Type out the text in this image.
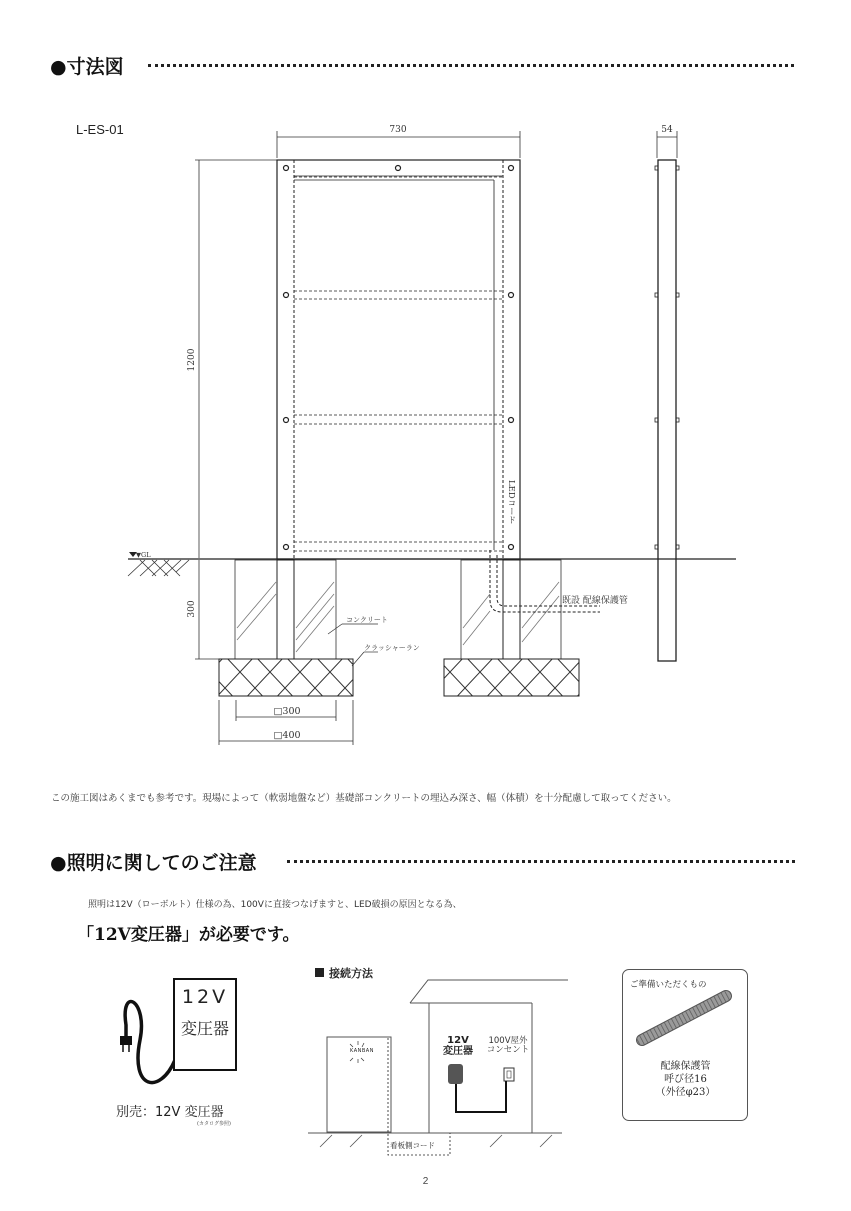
●寸法図
L-ES-01	730	54
1200
300
▼GL
LEDコード
既設 配線保護管
コンクリート
クラッシャーラン
□300
□400
この施工図はあくまでも参考です。現場によって（軟弱地盤など）基礎部コンクリートの埋込み深さ、幅（体積）を十分配慮して取ってください。
●照明に関してのご注意
照明は12V（ローボルト）仕様の為、100Vに直接つなげますと、LED破損の原因となる為、
「12V変圧器」が必要です。
12V
変圧器
別売：12V 変圧器
(カタログ参照)
接続方法
KANBAN
12V
変圧器
100V屋外
コンセント
看板側コード
ご準備いただくもの
配線保護管
呼び径16
（外径φ23）
2
